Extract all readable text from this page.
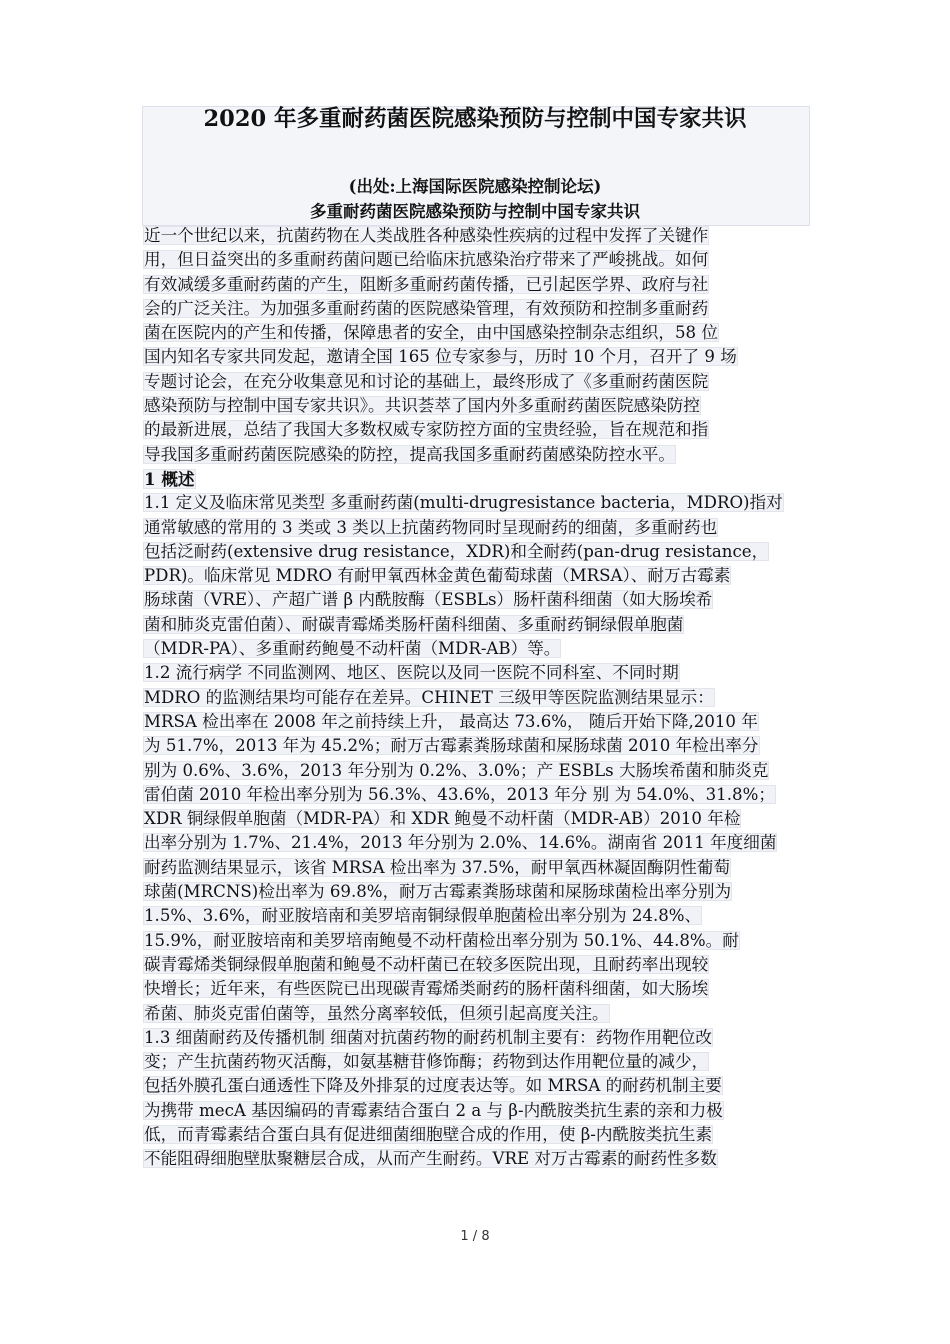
2020 年多重耐药菌医院感染预防与控制中国专家共识
(出处:上海国际医院感染控制论坛)
多重耐药菌医院感染预防与控制中国专家共识
近一个世纪以来，抗菌药物在人类战胜各种感染性疾病的过程中发挥了关键作
用，但日益突出的多重耐药菌问题已给临床抗感染治疗带来了严峻挑战。如何
有效减缓多重耐药菌的产生，阻断多重耐药菌传播，已引起医学界、政府与社
会的广泛关注。为加强多重耐药菌的医院感染管理，有效预防和控制多重耐药
菌在医院内的产生和传播，保障患者的安全，由中国感染控制杂志组织，58 位
国内知名专家共同发起，邀请全国 165 位专家参与，历时 10 个月，召开了 9 场
专题讨论会，在充分收集意见和讨论的基础上，最终形成了《多重耐药菌医院
感染预防与控制中国专家共识》。共识荟萃了国内外多重耐药菌医院感染防控
的最新进展，总结了我国大多数权威专家防控方面的宝贵经验，旨在规范和指
导我国多重耐药菌医院感染的防控，提高我国多重耐药菌感染防控水平。
1 概述
1.1 定义及临床常见类型 多重耐药菌(multi-drugresistance bacteria，MDRO)指对
通常敏感的常用的 3 类或 3 类以上抗菌药物同时呈现耐药的细菌，多重耐药也
包括泛耐药(extensive drug resistance，XDR)和全耐药(pan-drug resistance，
PDR)。临床常见 MDRO 有耐甲氧西林金黄色葡萄球菌（MRSA）、耐万古霉素
肠球菌（VRE）、产超广谱 β 内酰胺酶（ESBLs）肠杆菌科细菌（如大肠埃希
菌和肺炎克雷伯菌）、耐碳青霉烯类肠杆菌科细菌、多重耐药铜绿假单胞菌
（MDR-PA）、多重耐药鲍曼不动杆菌（MDR-AB）等。
1.2 流行病学 不同监测网、地区、医院以及同一医院不同科室、不同时期
MDRO 的监测结果均可能存在差异。CHINET 三级甲等医院监测结果显示：
MRSA 检出率在 2008 年之前持续上升， 最高达 73.6%， 随后开始下降,2010 年
为 51.7%，2013 年为 45.2%；耐万古霉素粪肠球菌和屎肠球菌 2010 年检出率分
别为 0.6%、3.6%，2013 年分别为 0.2%、3.0%；产 ESBLs 大肠埃希菌和肺炎克
雷伯菌 2010 年检出率分别为 56.3%、43.6%，2013 年分 别 为 54.0%、31.8%；
XDR 铜绿假单胞菌（MDR-PA）和 XDR 鲍曼不动杆菌（MDR-AB）2010 年检
出率分别为 1.7%、21.4%，2013 年分别为 2.0%、14.6%。湖南省 2011 年度细菌
耐药监测结果显示，该省 MRSA 检出率为 37.5%，耐甲氧西林凝固酶阴性葡萄
球菌(MRCNS)检出率为 69.8%，耐万古霉素粪肠球菌和屎肠球菌检出率分别为
1.5%、3.6%，耐亚胺培南和美罗培南铜绿假单胞菌检出率分别为 24.8%、
15.9%，耐亚胺培南和美罗培南鲍曼不动杆菌检出率分别为 50.1%、44.8%。耐
碳青霉烯类铜绿假单胞菌和鲍曼不动杆菌已在较多医院出现，且耐药率出现较
快增长；近年来，有些医院已出现碳青霉烯类耐药的肠杆菌科细菌，如大肠埃
希菌、肺炎克雷伯菌等，虽然分离率较低，但须引起高度关注。
1.3 细菌耐药及传播机制 细菌对抗菌药物的耐药机制主要有：药物作用靶位改
变；产生抗菌药物灭活酶，如氨基糖苷修饰酶；药物到达作用靶位量的减少，
包括外膜孔蛋白通透性下降及外排泵的过度表达等。如 MRSA 的耐药机制主要
为携带 mecA 基因编码的青霉素结合蛋白 2 a 与 β-内酰胺类抗生素的亲和力极
低，而青霉素结合蛋白具有促进细菌细胞壁合成的作用，使 β-内酰胺类抗生素
不能阻碍细胞壁肽聚糖层合成，从而产生耐药。VRE 对万古霉素的耐药性多数
1 / 8
